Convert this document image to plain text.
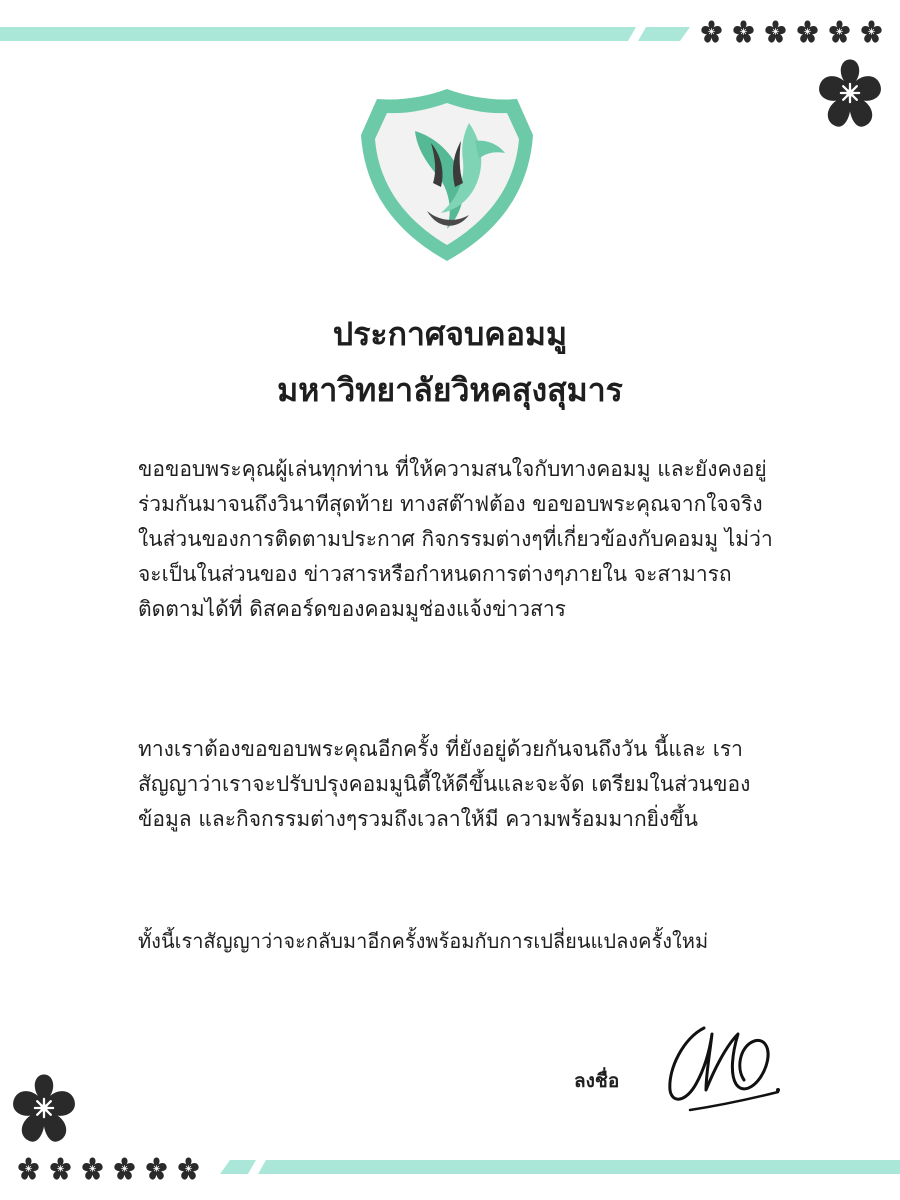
ประกาศจบคอมมู
มหาวิทยาลัยวิหคสุงสุมาร

ขอขอบพระคุณผู้เล่นทุกท่าน ที่ให้ความสนใจกับทางคอมมู และยังคงอยู่ร่วมกันมาจนถึงวินาทีสุดท้าย ทางสต๊าฟต้อง ขอขอบพระคุณจากใจจริง ในส่วนของการติดตามประกาศ กิจกรรมต่างๆที่เกี่ยวข้องกับคอมมู ไม่ว่าจะเป็นในส่วนของ ข่าวสารหรือกำหนดการต่างๆภายใน จะสามารถติดตามได้ที่ ดิสคอร์ดของคอมมูช่องแจ้งข่าวสาร

ทางเราต้องขอขอบพระคุณอีกครั้ง ที่ยังอยู่ด้วยกันจนถึงวัน นี้และ เราสัญญาว่าเราจะปรับปรุงคอมมูนิตี้ให้ดีขึ้นและจะจัด เตรียมในส่วนของข้อมูล และกิจกรรมต่างๆรวมถึงเวลาให้มี ความพร้อมมากยิ่งขึ้น

ทั้งนี้เราสัญญาว่าจะกลับมาอีกครั้งพร้อมกับการเปลี่ยนแปลงครั้งใหม่

ลงชื่อ
